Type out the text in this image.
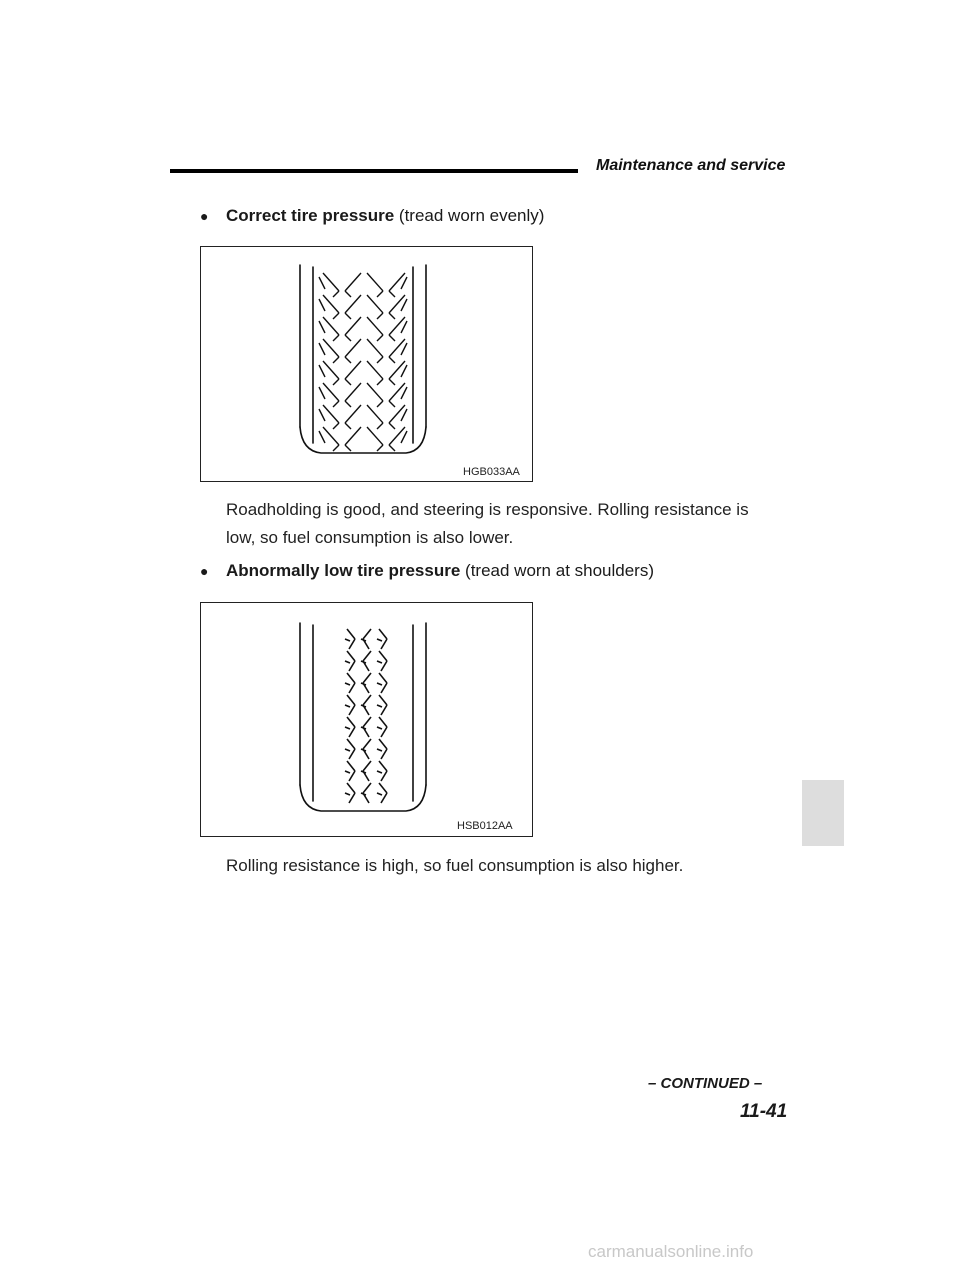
Maintenance and service
● Correct tire pressure (tread worn evenly)
HGB033AA
Roadholding is good, and steering is responsive. Rolling resistance is
low, so fuel consumption is also lower.
● Abnormally low tire pressure (tread worn at shoulders)
HSB012AA
Rolling resistance is high, so fuel consumption is also higher.
– CONTINUED –
11-41
carmanualsonline.info
